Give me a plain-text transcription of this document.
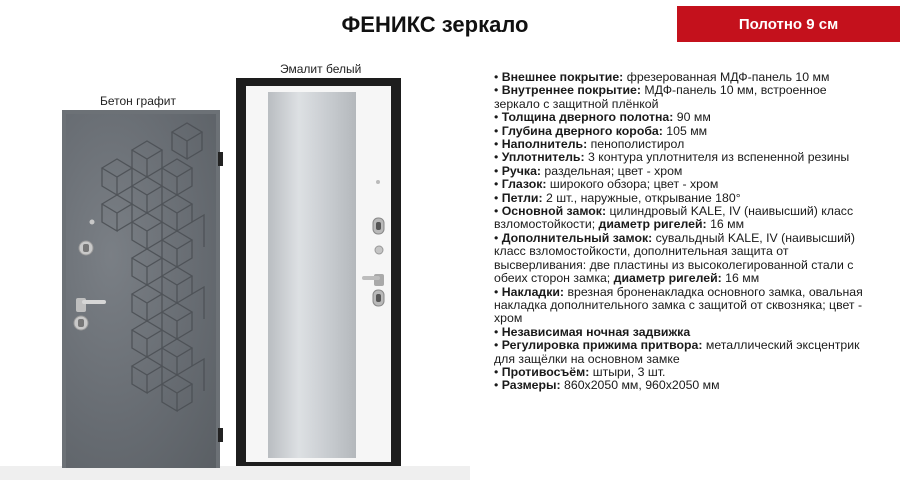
ФЕНИКС зеркало	Полотно 9 см
Бетон графит
Эмалит белый

• Внешнее покрытие: фрезерованная МДФ-панель 10 мм

• Внутреннее покрытие: МДФ-панель 10 мм, встроенное зеркало с защитной плёнкой

• Толщина дверного полотна: 90 мм

• Глубина дверного короба: 105 мм

• Наполнитель: пенополистирол

• Уплотнитель: 3 контура уплотнителя из вспененной резины

• Ручка: раздельная; цвет - хром

• Глазок: широкого обзора; цвет - хром

• Петли: 2 шт., наружные, открывание 180°

• Основной замок: цилиндровый KALE, IV (наивысший) класс взломостойкости; диаметр ригелей: 16 мм

• Дополнительный замок: сувальдный KALE, IV (наивысший) класс взломостойкости, дополнительная защита от высверливания: две пластины из высоколегированной стали с обеих сторон замка; диаметр ригелей: 16 мм

• Накладки: врезная броненакладка основного замка, овальная накладка дополнительного замка с защитой от сквозняка; цвет - хром

• Независимая ночная задвижка

• Регулировка прижима притвора: металлический эксцентрик для защёлки на основном замке

• Противосъём: штыри, 3 шт.

• Размеры: 860x2050 мм, 960x2050 мм
